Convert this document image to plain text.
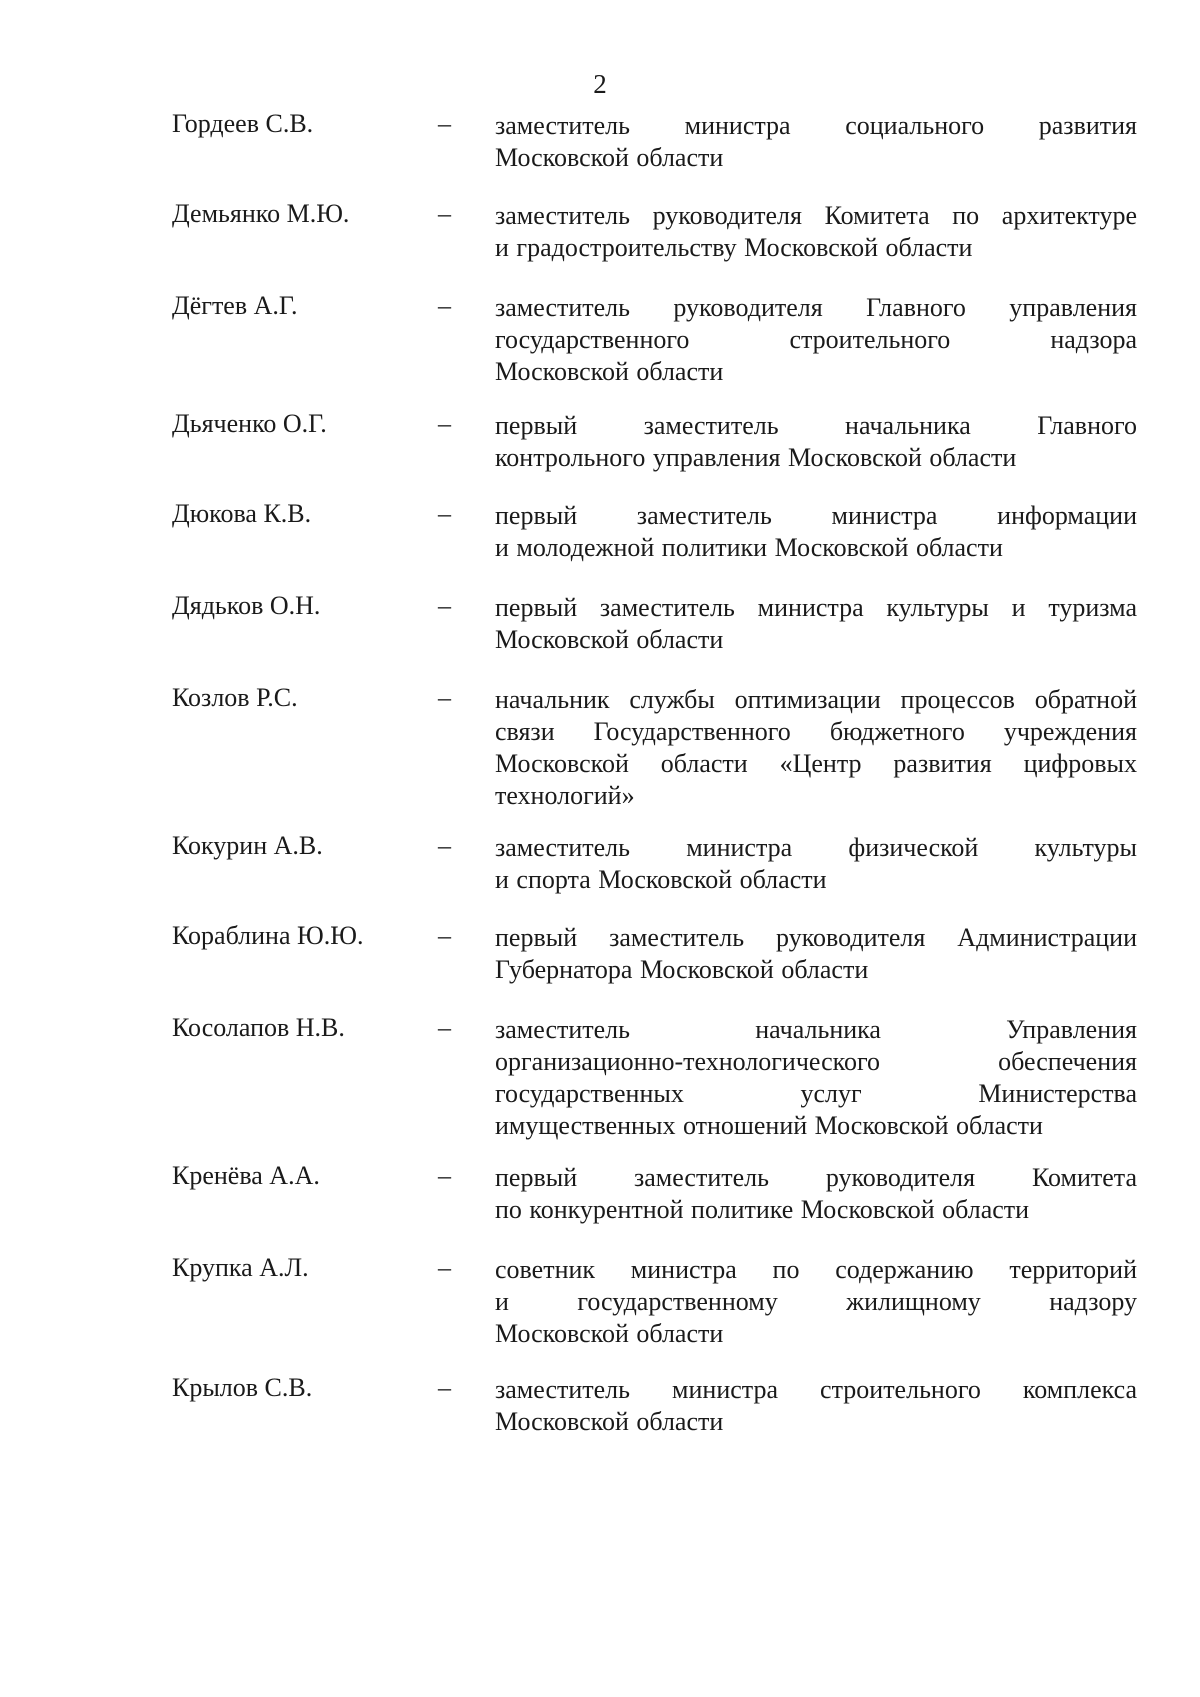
2
Гордеев С.В.	– заместитель министра социального развития
Московской области
Демьянко М.Ю.	– заместитель руководителя Комитета по архитектуре
и градостроительству Московской области
Дёгтев А.Г.	– заместитель руководителя Главного управления
государственного строительного надзора
Московской области
Дьяченко О.Г.	– первый заместитель начальника Главного
контрольного управления Московской области
Дюкова К.В.	– первый заместитель министра информации
и молодежной политики Московской области
Дядьков О.Н.	– первый заместитель министра культуры и туризма
Московской области
Козлов Р.С.	– начальник службы оптимизации процессов обратной
связи Государственного бюджетного учреждения
Московской области «Центр развития цифровых
технологий»
Кокурин А.В.	– заместитель министра физической культуры
и спорта Московской области
Кораблина Ю.Ю.	– первый заместитель руководителя Администрации
Губернатора Московской области
Косолапов Н.В.	– заместитель начальника Управления
организационно-технологического обеспечения
государственных услуг Министерства
имущественных отношений Московской области
Кренёва А.А.	– первый заместитель руководителя Комитета
по конкурентной политике Московской области
Крупка А.Л.	– советник министра по содержанию территорий
и государственному жилищному надзору
Московской области
Крылов С.В.	– заместитель министра строительного комплекса
Московской области
